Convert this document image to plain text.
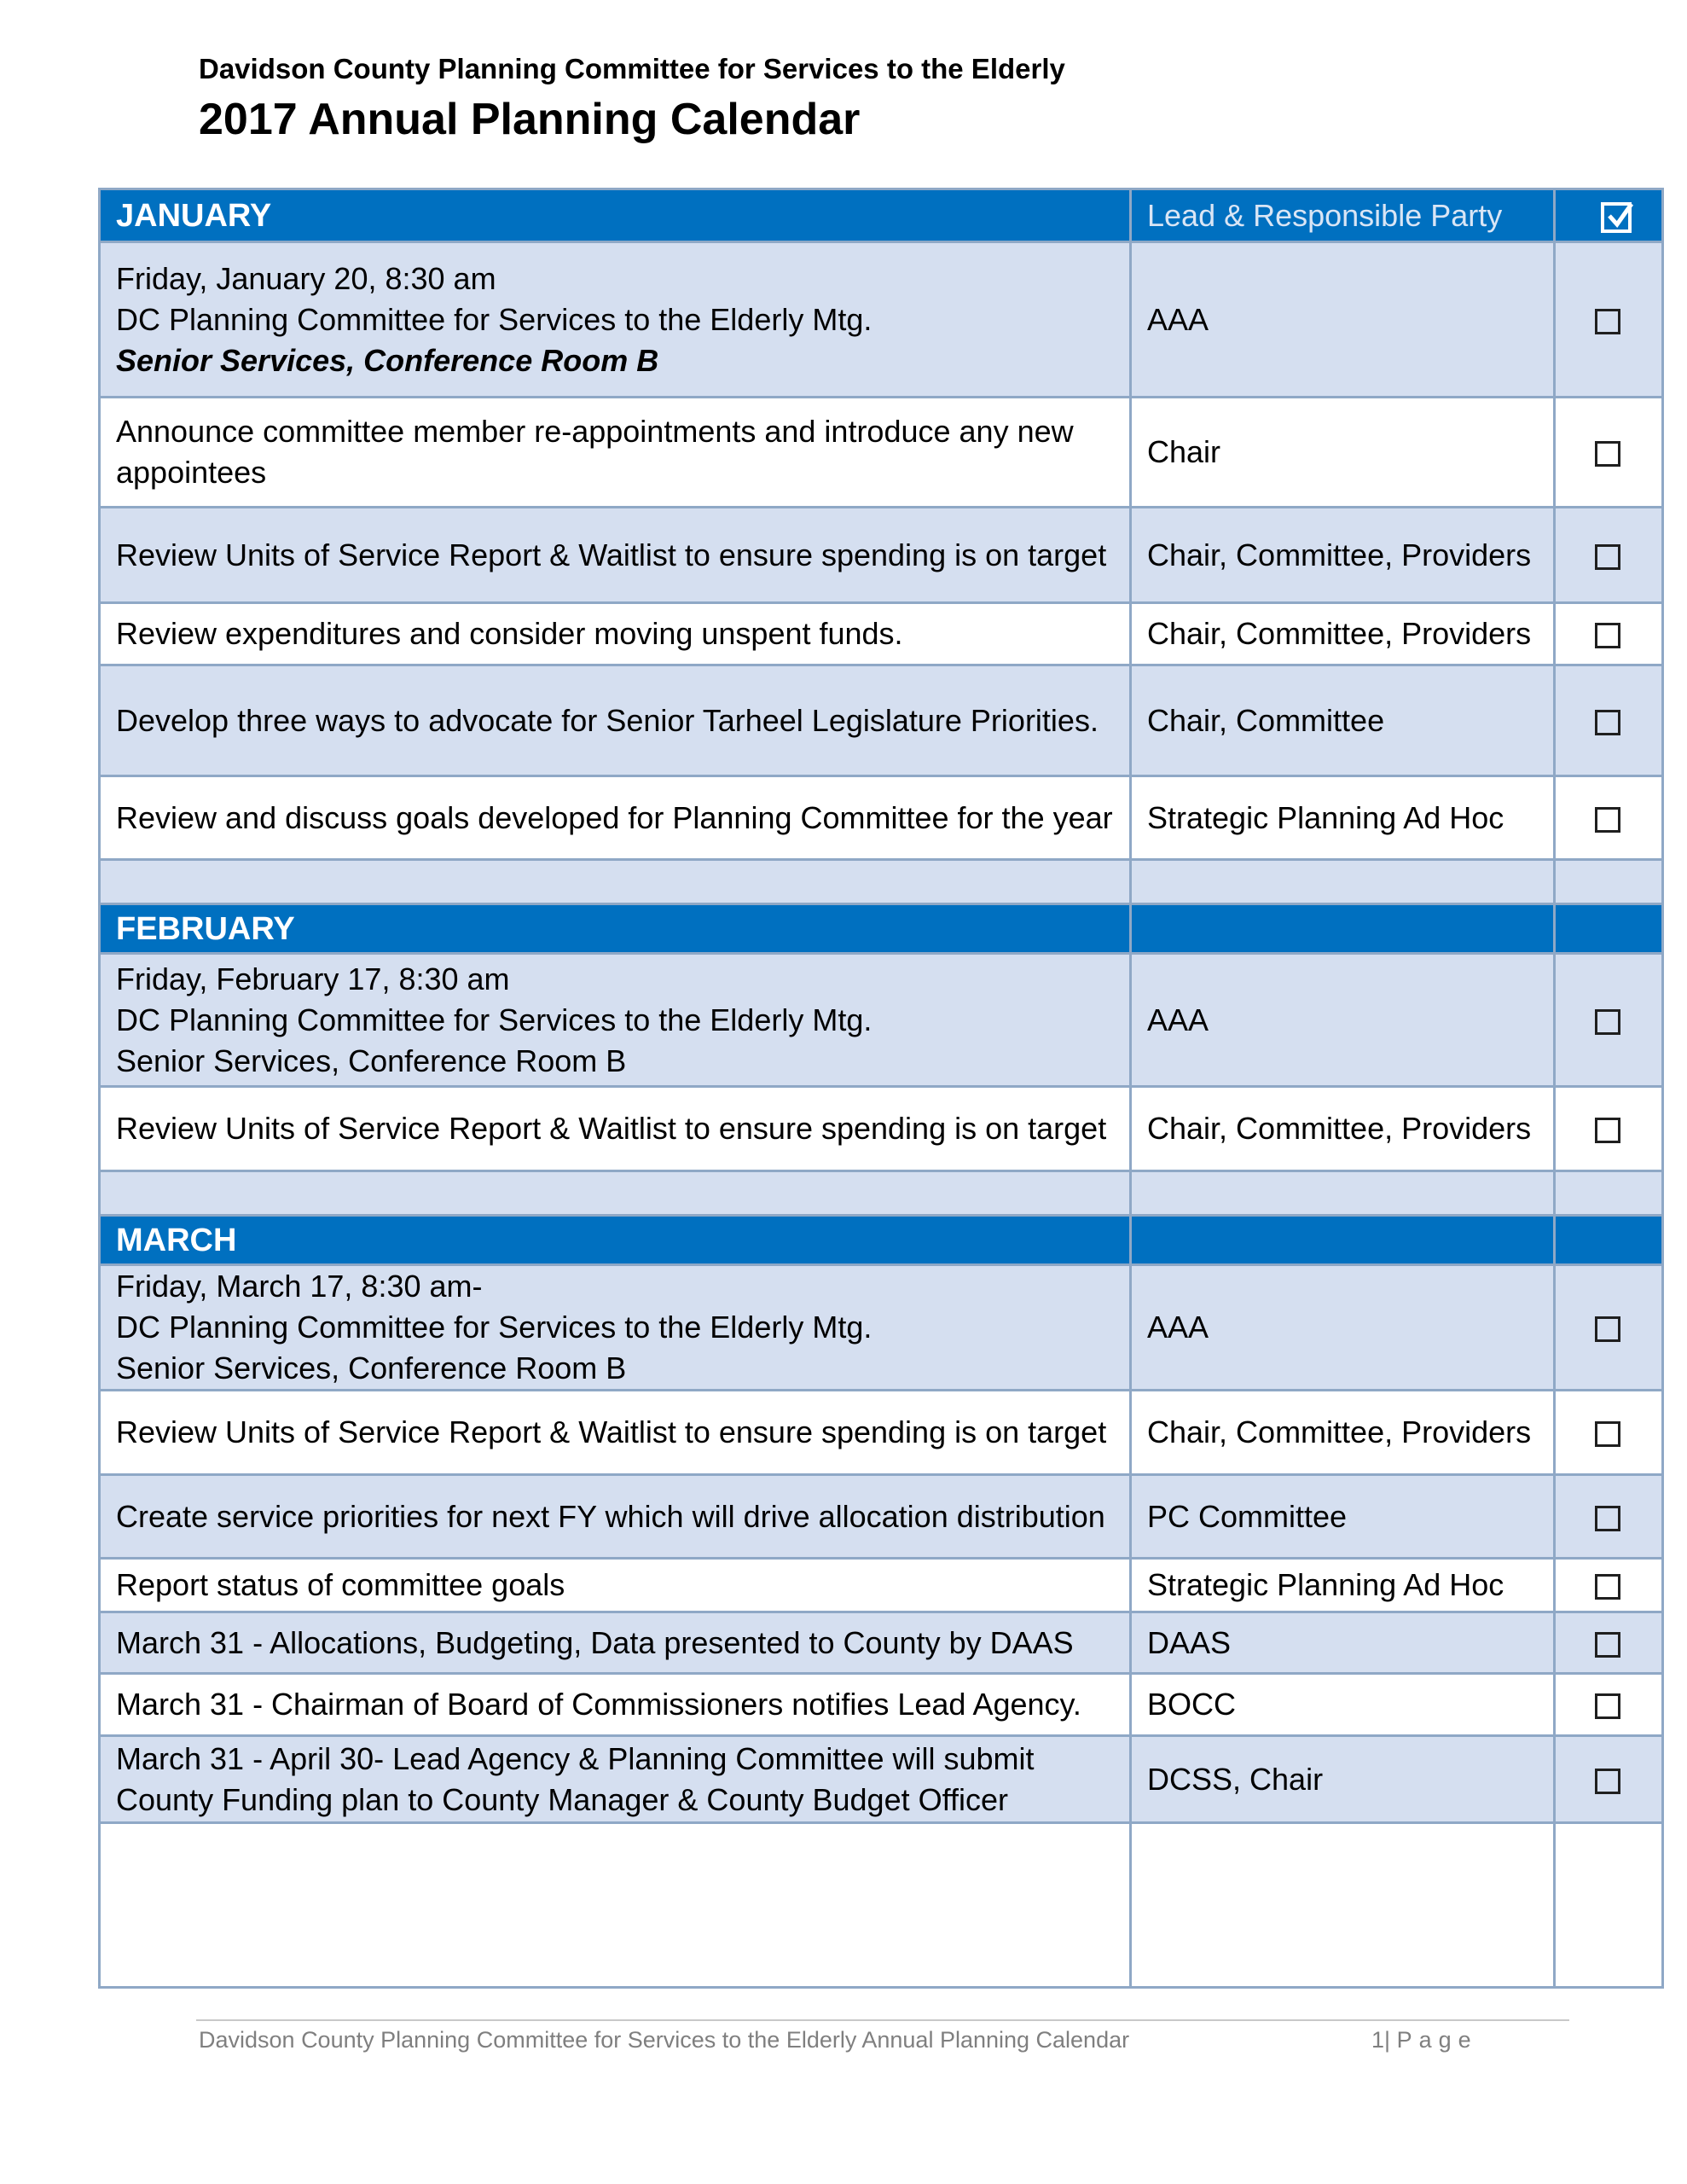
Davidson County Planning Committee for Services to the Elderly
2017 Annual Planning Calendar
JANUARY	Lead & Responsible Party	

Friday, January 20, 8:30 am
DC Planning Committee for Services to the Elderly Mtg.
Senior Services, Conference Room B	AAA	
Announce committee member re-appointments and introduce any new appointees	Chair	
Review Units of Service Report & Waitlist to ensure spending is on target	Chair, Committee, Providers	
Review expenditures and consider moving unspent funds.	Chair, Committee, Providers	
Develop three ways to advocate for Senior Tarheel Legislature Priorities.	Chair, Committee	
Review and discuss goals developed for Planning Committee for the year	Strategic Planning Ad Hoc	

FEBRUARY		

Friday, February 17, 8:30 am
DC Planning Committee for Services to the Elderly Mtg.
Senior Services, Conference Room B	AAA	
Review Units of Service Report & Waitlist to ensure spending is on target	Chair, Committee, Providers	

MARCH		

Friday, March 17, 8:30 am-
DC Planning Committee for Services to the Elderly Mtg.
Senior Services, Conference Room B	AAA	
Review Units of Service Report & Waitlist to ensure spending is on target	Chair, Committee, Providers	
Create service priorities for next FY which will drive allocation distribution	PC Committee	
Report status of committee goals	Strategic Planning Ad Hoc	
March 31 - Allocations, Budgeting, Data presented to County by DAAS	DAAS	
March 31 - Chairman of Board of Commissioners notifies Lead Agency.	BOCC	
March 31 - April 30- Lead Agency & Planning Committee will submit County Funding plan to County Manager & County Budget Officer	DCSS, Chair	

Davidson County Planning Committee for Services to the Elderly Annual Planning Calendar	1| Page
